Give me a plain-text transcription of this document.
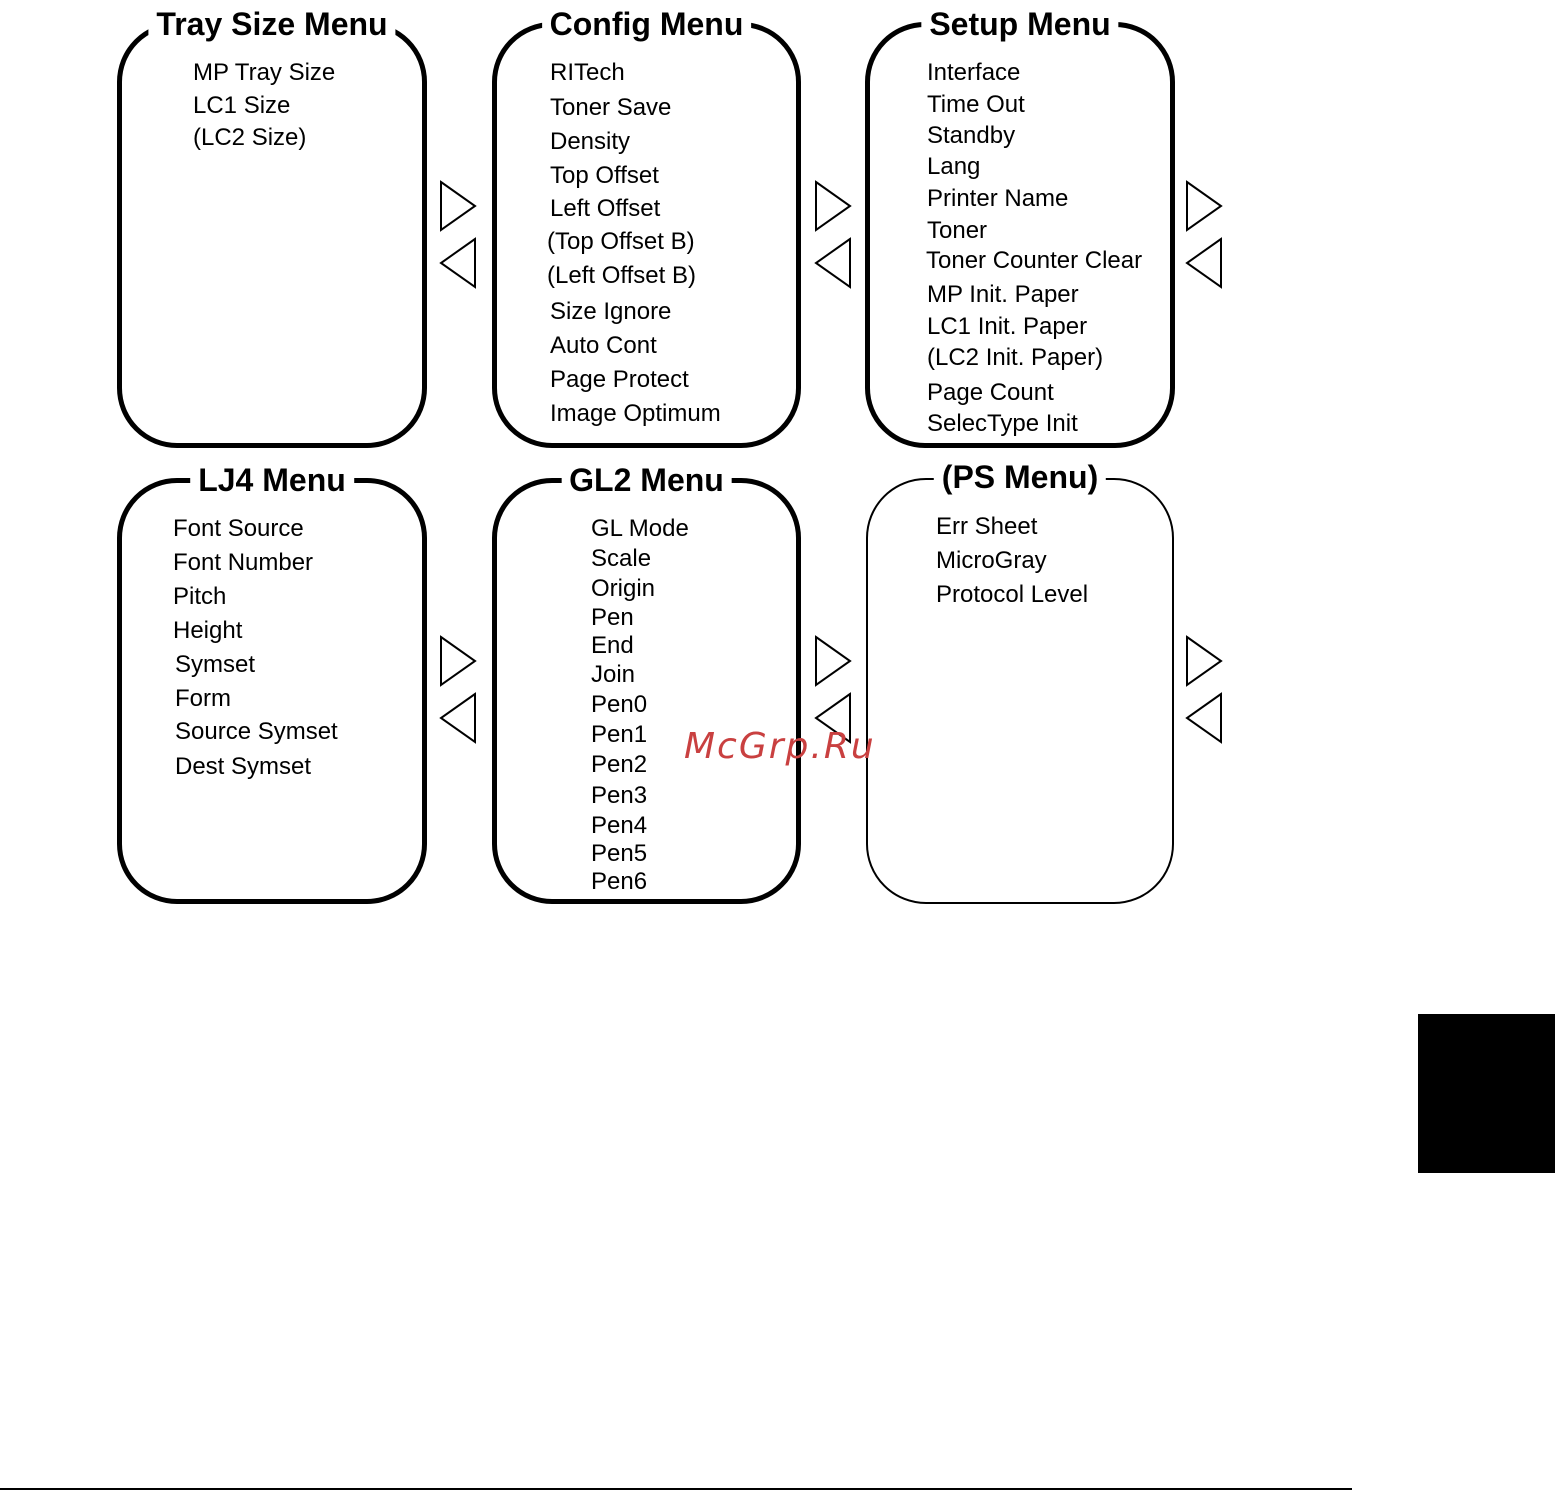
Tray Size Menu
MP Tray Size
LC1 Size
(LC2 Size)
Config Menu
RITech
Toner Save
Density
Top Offset
Left Offset
(Top Offset B)
(Left Offset B)
Size Ignore
Auto Cont
Page Protect
Image Optimum
Setup Menu
Interface
Time Out
Standby
Lang
Printer Name
Toner
Toner Counter Clear
MP Init. Paper
LC1 Init. Paper
(LC2 Init. Paper)
Page Count
SelecType Init
LJ4 Menu
Font Source
Font Number
Pitch
Height
Symset
Form
Source Symset
Dest Symset
GL2 Menu
GL Mode
Scale
Origin
Pen
End
Join
Pen0
Pen1
Pen2
Pen3
Pen4
Pen5
Pen6
(PS Menu)
Err Sheet
MicroGray
Protocol Level
McGrp.Ru
